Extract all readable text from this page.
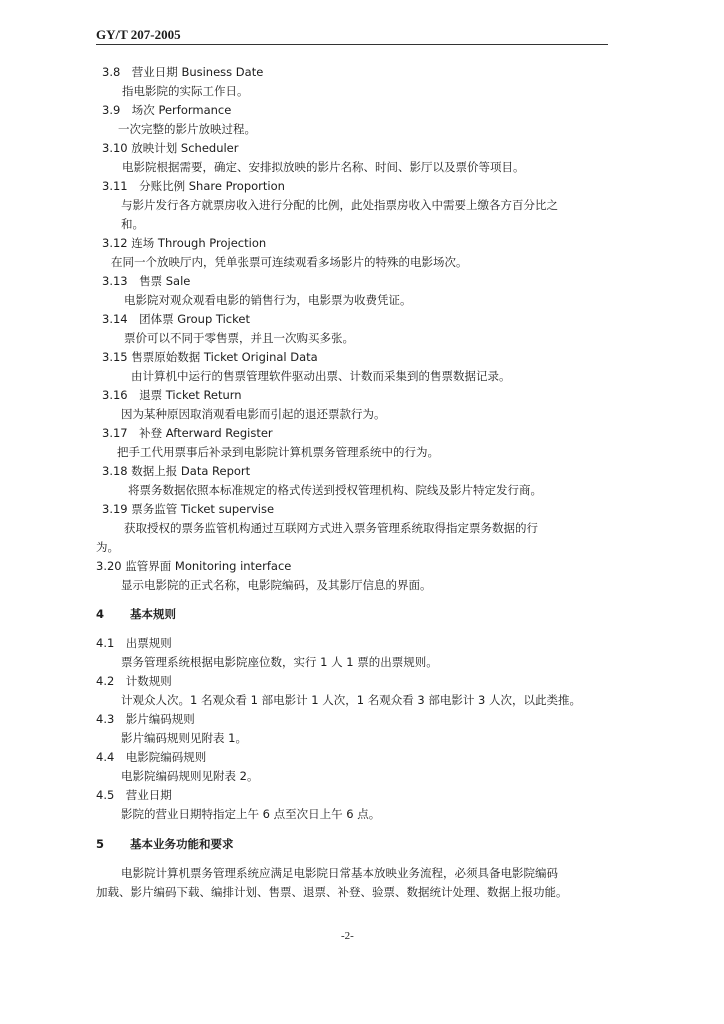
GY/T 207-2005
3.8　营业日期 Business Date
指电影院的实际工作日。
3.9　场次 Performance
一次完整的影片放映过程。
3.10 放映计划 Scheduler
电影院根据需要，确定、安排拟放映的影片名称、时间、影厅以及票价等项目。
3.11　分账比例 Share Proportion
与影片发行各方就票房收入进行分配的比例，此处指票房收入中需要上缴各方百分比之
和。
3.12 连场 Through Projection
在同一个放映厅内，凭单张票可连续观看多场影片的特殊的电影场次。
3.13　售票 Sale
电影院对观众观看电影的销售行为，电影票为收费凭证。
3.14　团体票 Group Ticket
票价可以不同于零售票，并且一次购买多张。
3.15 售票原始数据 Ticket Original Data
由计算机中运行的售票管理软件驱动出票、计数而采集到的售票数据记录。
3.16　退票 Ticket Return
因为某种原因取消观看电影而引起的退还票款行为。
3.17　补登 Afterward Register
把手工代用票事后补录到电影院计算机票务管理系统中的行为。
3.18 数据上报 Data Report
将票务数据依照本标准规定的格式传送到授权管理机构、院线及影片特定发行商。
3.19 票务监管 Ticket supervise
获取授权的票务监管机构通过互联网方式进入票务管理系统取得指定票务数据的行
为。
3.20 监管界面 Monitoring interface
显示电影院的正式名称，电影院编码，及其影厅信息的界面。
4 基本规则
4.1　出票规则
票务管理系统根据电影院座位数，实行 1 人 1 票的出票规则。
4.2　计数规则
计观众人次。1 名观众看 1 部电影计 1 人次，1 名观众看 3 部电影计 3 人次，以此类推。
4.3　影片编码规则
影片编码规则见附表 1。
4.4　电影院编码规则
电影院编码规则见附表 2。
4.5　营业日期
影院的营业日期特指定上午 6 点至次日上午 6 点。
5 基本业务功能和要求
电影院计算机票务管理系统应满足电影院日常基本放映业务流程，必须具备电影院编码
加载、影片编码下载、编排计划、售票、退票、补登、验票、数据统计处理、数据上报功能。
-2-
